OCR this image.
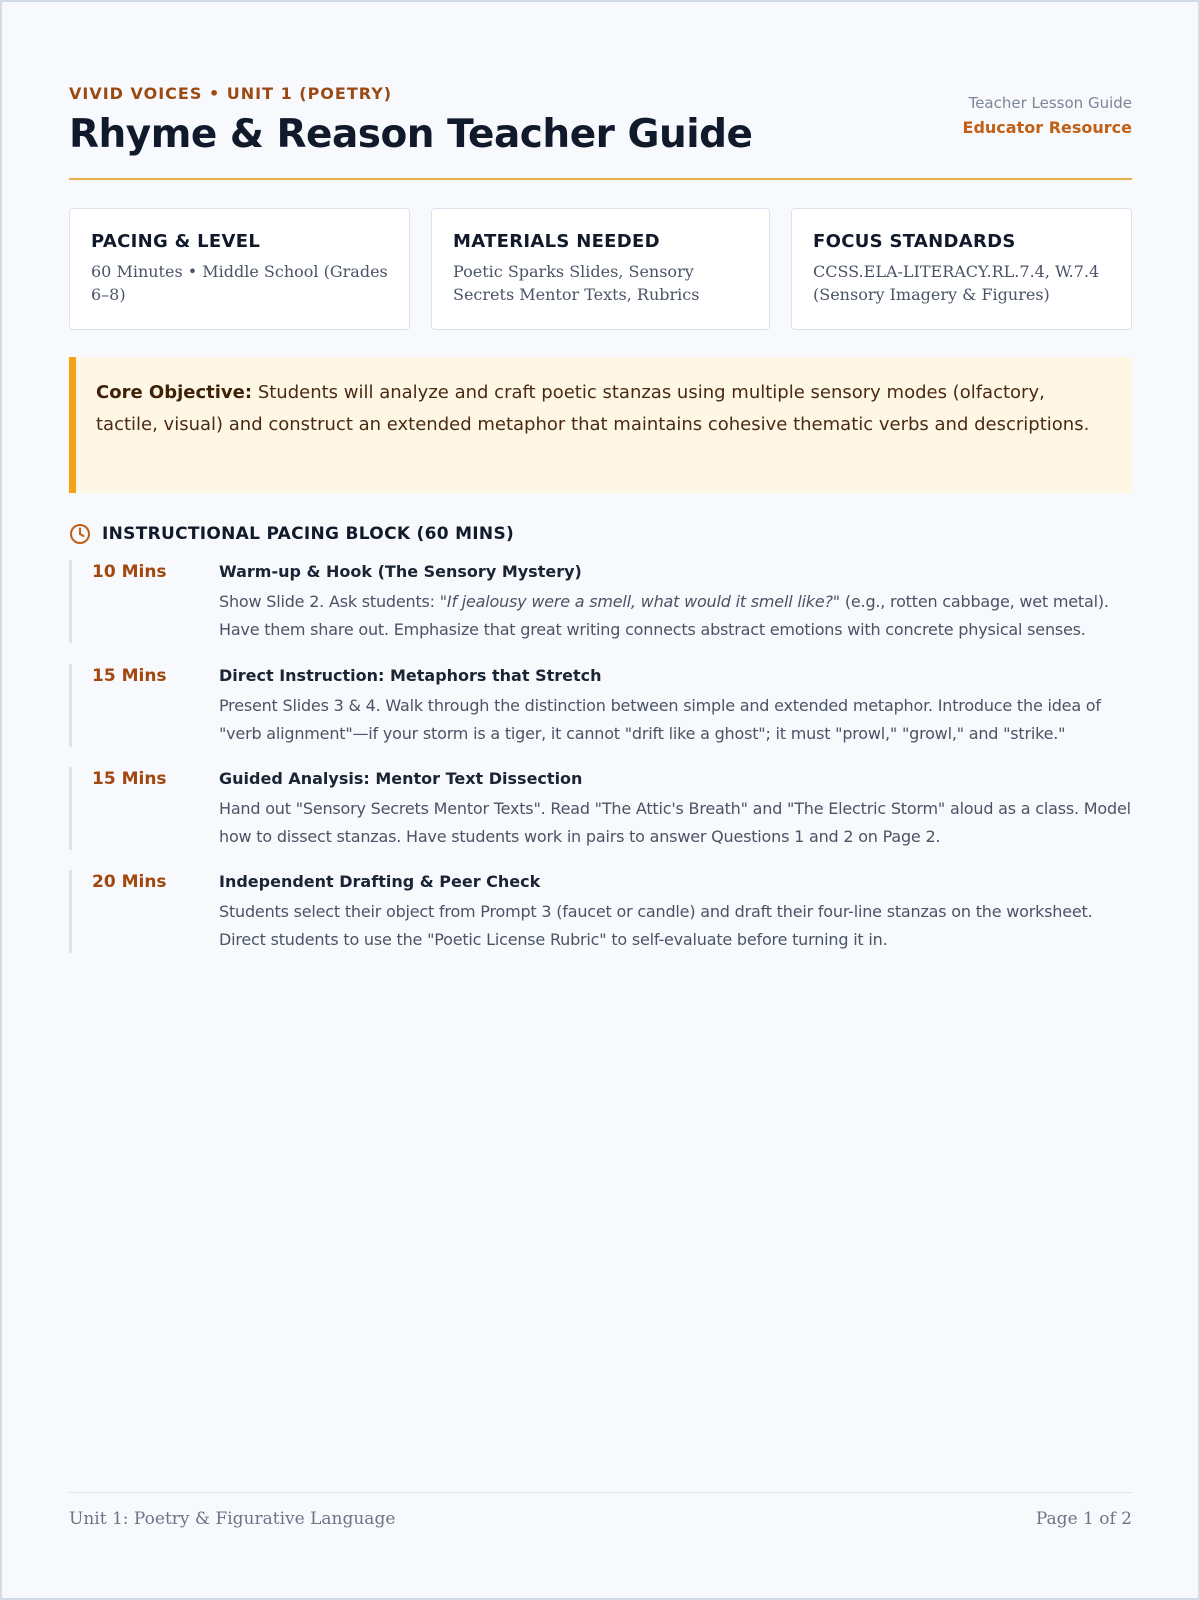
VIVID VOICES • UNIT 1 (POETRY)
Rhyme & Reason Teacher Guide
Teacher Lesson Guide
Educator Resource
PACING & LEVEL
60 Minutes • Middle School (Grades 6–8)
MATERIALS NEEDED
Poetic Sparks Slides, Sensory Secrets Mentor Texts, Rubrics
FOCUS STANDARDS
CCSS.ELA-LITERACY.RL.7.4, W.7.4 (Sensory Imagery & Figures)
Core Objective: Students will analyze and craft poetic stanzas using multiple sensory modes (olfactory, tactile, visual) and construct an extended metaphor that maintains cohesive thematic verbs and descriptions.
INSTRUCTIONAL PACING BLOCK (60 MINS)
10 Mins	Warm-up & Hook (The Sensory Mystery)
Show Slide 2. Ask students: "If jealousy were a smell, what would it smell like?" (e.g., rotten cabbage, wet metal). Have them share out. Emphasize that great writing connects abstract emotions with concrete physical senses.
15 Mins	Direct Instruction: Metaphors that Stretch
Present Slides 3 & 4. Walk through the distinction between simple and extended metaphor. Introduce the idea of "verb alignment"—if your storm is a tiger, it cannot "drift like a ghost"; it must "prowl," "growl," and "strike."
15 Mins	Guided Analysis: Mentor Text Dissection
Hand out "Sensory Secrets Mentor Texts". Read "The Attic's Breath" and "The Electric Storm" aloud as a class. Model how to dissect stanzas. Have students work in pairs to answer Questions 1 and 2 on Page 2.
20 Mins	Independent Drafting & Peer Check
Students select their object from Prompt 3 (faucet or candle) and draft their four-line stanzas on the worksheet. Direct students to use the "Poetic License Rubric" to self-evaluate before turning it in.
Unit 1: Poetry & Figurative Language	Page 1 of 2
